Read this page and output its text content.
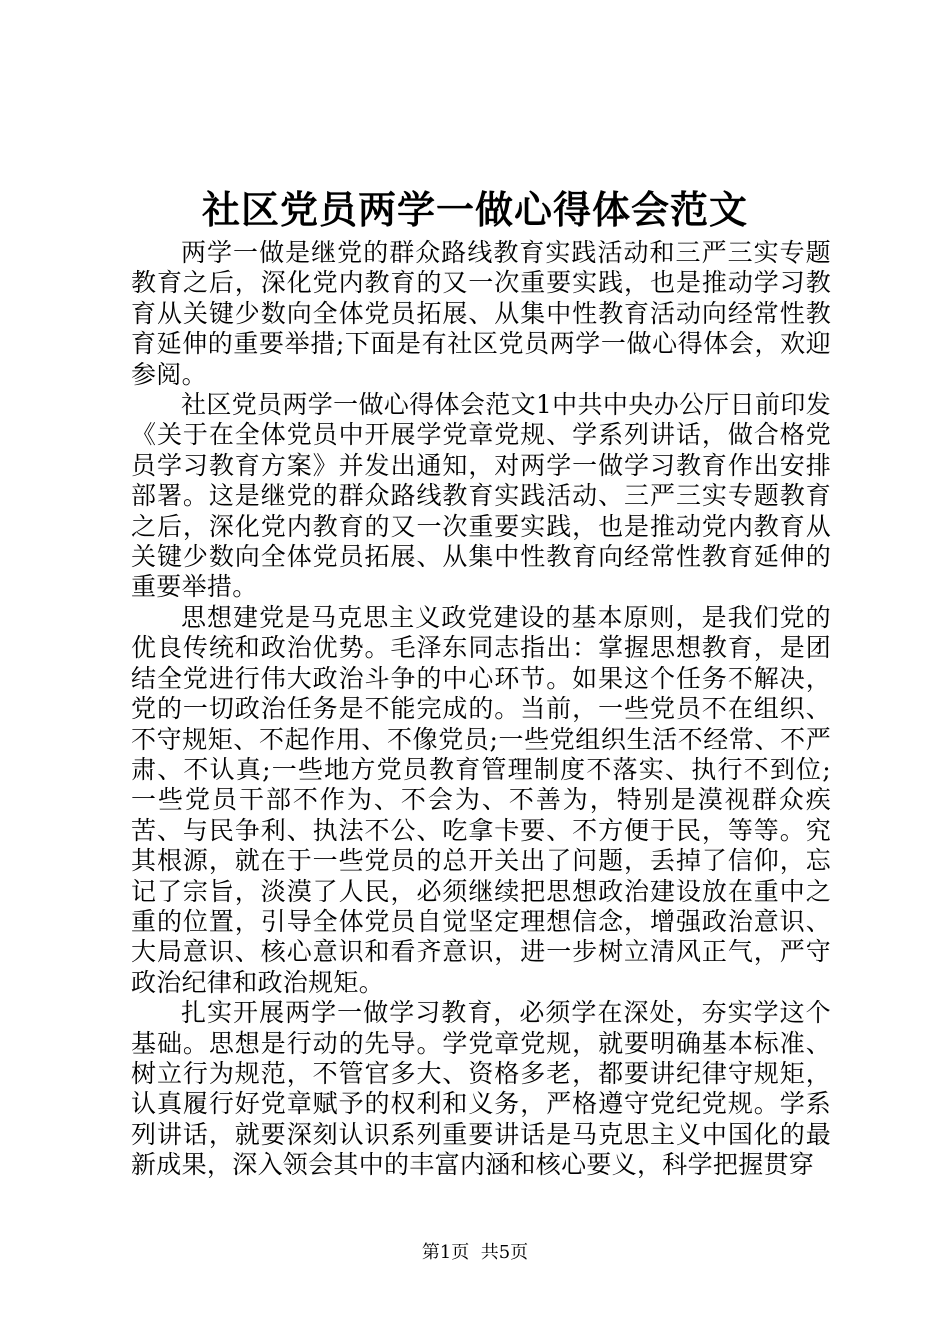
社区党员两学一做心得体会范文

两学一做是继党的群众路线教育实践活动和三严三实专题教育之后，深化党内教育的又一次重要实践，也是推动学习教育从关键少数向全体党员拓展、从集中性教育活动向经常性教育延伸的重要举措;下面是有社区党员两学一做心得体会，欢迎参阅。

社区党员两学一做心得体会范文1中共中央办公厅日前印发《关于在全体党员中开展学党章党规、学系列讲话，做合格党员学习教育方案》并发出通知，对两学一做学习教育作出安排部署。这是继党的群众路线教育实践活动、三严三实专题教育之后，深化党内教育的又一次重要实践，也是推动党内教育从关键少数向全体党员拓展、从集中性教育向经常性教育延伸的重要举措。

思想建党是马克思主义政党建设的基本原则，是我们党的优良传统和政治优势。毛泽东同志指出：掌握思想教育，是团结全党进行伟大政治斗争的中心环节。如果这个任务不解决，党的一切政治任务是不能完成的。当前，一些党员不在组织、不守规矩、不起作用、不像党员;一些党组织生活不经常、不严肃、不认真;一些地方党员教育管理制度不落实、执行不到位;一些党员干部不作为、不会为、不善为，特别是漠视群众疾苦、与民争利、执法不公、吃拿卡要、不方便于民，等等。究其根源，就在于一些党员的总开关出了问题，丢掉了信仰，忘记了宗旨，淡漠了人民，必须继续把思想政治建设放在重中之重的位置，引导全体党员自觉坚定理想信念，增强政治意识、大局意识、核心意识和看齐意识，进一步树立清风正气，严守政治纪律和政治规矩。

扎实开展两学一做学习教育，必须学在深处，夯实学这个基础。思想是行动的先导。学党章党规，就要明确基本标准、树立行为规范，不管官多大、资格多老，都要讲纪律守规矩，认真履行好党章赋予的权利和义务，严格遵守党纪党规。学系列讲话，就要深刻认识系列重要讲话是马克思主义中国化的最新成果，深入领会其中的丰富内涵和核心要义，科学把握贯穿

第1页 共5页
